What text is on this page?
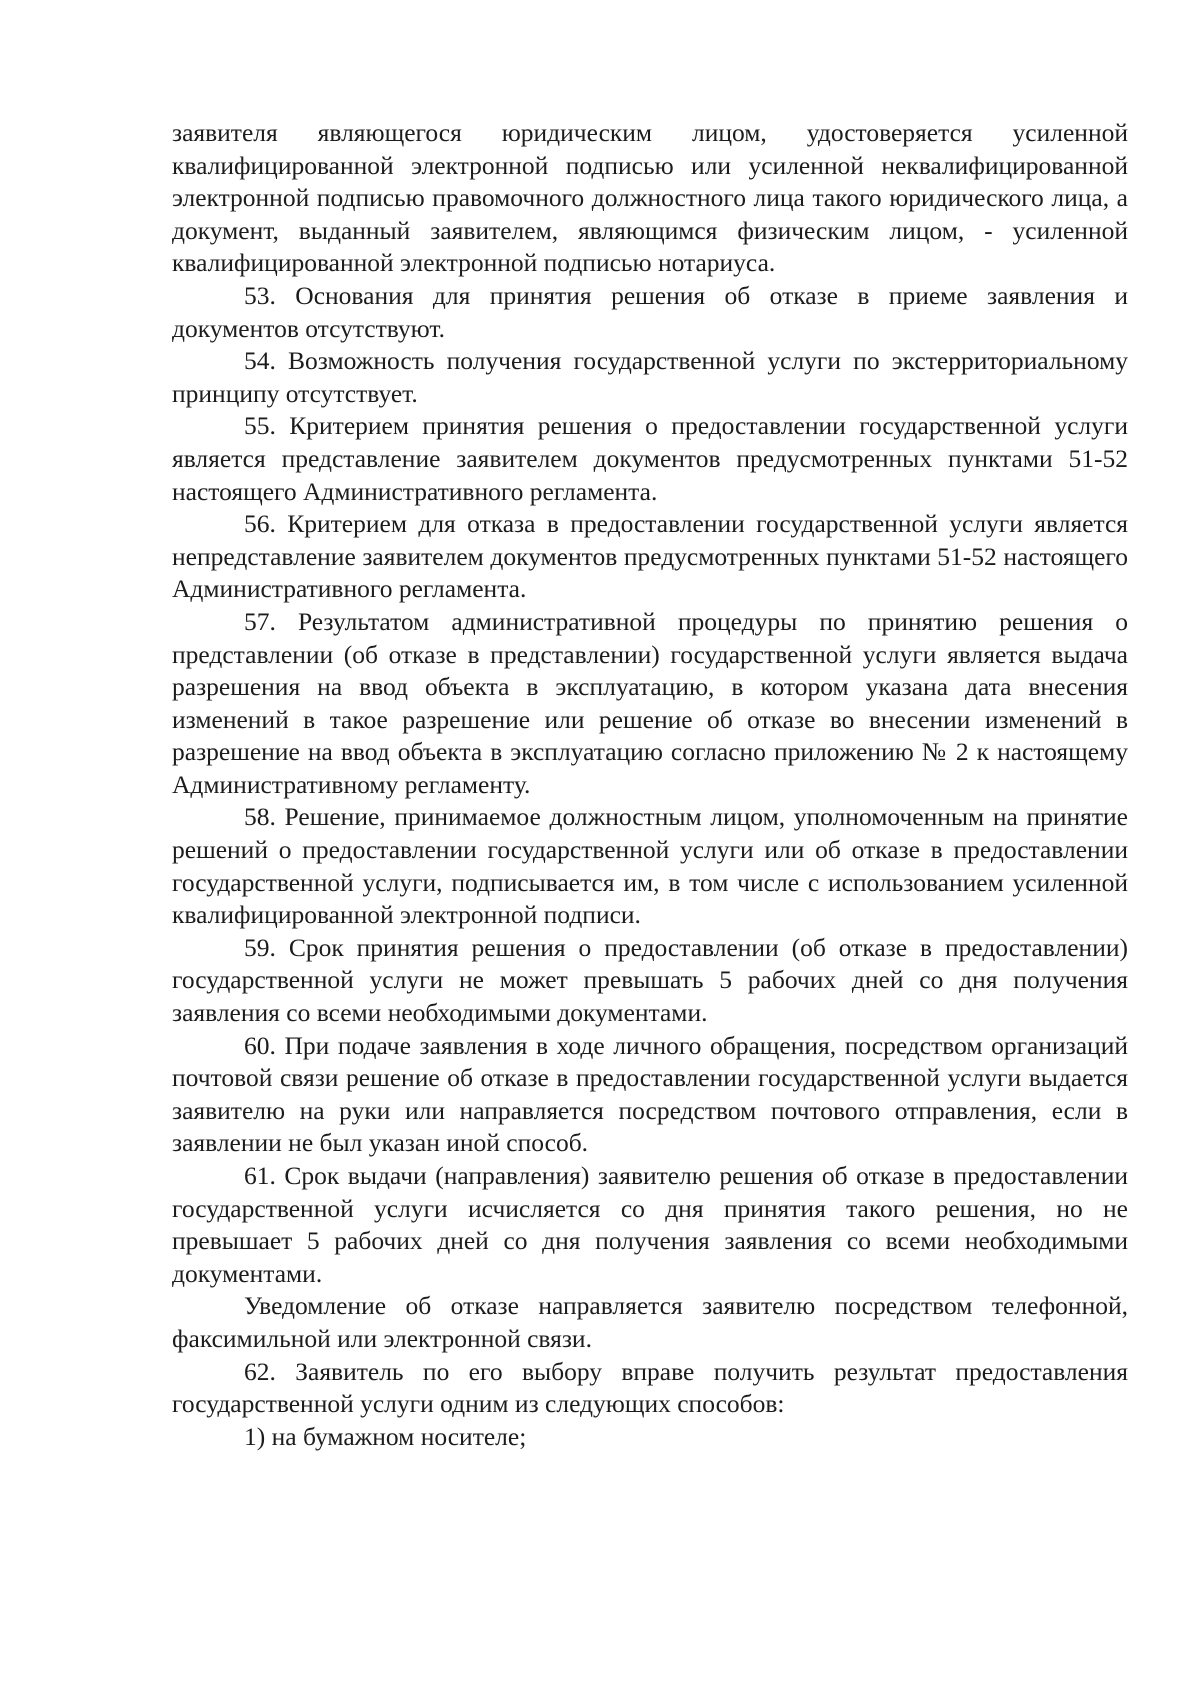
заявителя являющегося юридическим лицом, удостоверяется усиленной квалифицированной электронной подписью или усиленной неквалифицированной электронной подписью правомочного должностного лица такого юридического лица, а документ, выданный заявителем, являющимся физическим лицом, - усиленной квалифицированной электронной подписью нотариуса.

53. Основания для принятия решения об отказе в приеме заявления и документов отсутствуют.

54. Возможность получения государственной услуги по экстерриториальному принципу отсутствует.

55. Критерием принятия решения о предоставлении государственной услуги является представление заявителем документов предусмотренных пунктами 51-52 настоящего Административного регламента.

56. Критерием для отказа в предоставлении государственной услуги является непредставление заявителем документов предусмотренных пунктами 51-52 настоящего Административного регламента.

57. Результатом административной процедуры по принятию решения о представлении (об отказе в представлении) государственной услуги является выдача разрешения на ввод объекта в эксплуатацию, в котором указана дата внесения изменений в такое разрешение или решение об отказе во внесении изменений в разрешение на ввод объекта в эксплуатацию согласно приложению № 2 к настоящему Административному регламенту.

58. Решение, принимаемое должностным лицом, уполномоченным на принятие решений о предоставлении государственной услуги или об отказе в предоставлении государственной услуги, подписывается им, в том числе с использованием усиленной квалифицированной электронной подписи.

59. Срок принятия решения о предоставлении (об отказе в предоставлении) государственной услуги не может превышать 5 рабочих дней со дня получения заявления со всеми необходимыми документами.

60. При подаче заявления в ходе личного обращения, посредством организаций почтовой связи решение об отказе в предоставлении государственной услуги выдается заявителю на руки или направляется посредством почтового отправления, если в заявлении не был указан иной способ.

61. Срок выдачи (направления) заявителю решения об отказе в предоставлении государственной услуги исчисляется со дня принятия такого решения, но не превышает 5 рабочих дней со дня получения заявления со всеми необходимыми документами.

Уведомление об отказе направляется заявителю посредством телефонной, факсимильной или электронной связи.

62. Заявитель по его выбору вправе получить результат предоставления государственной услуги одним из следующих способов:

1) на бумажном носителе;
